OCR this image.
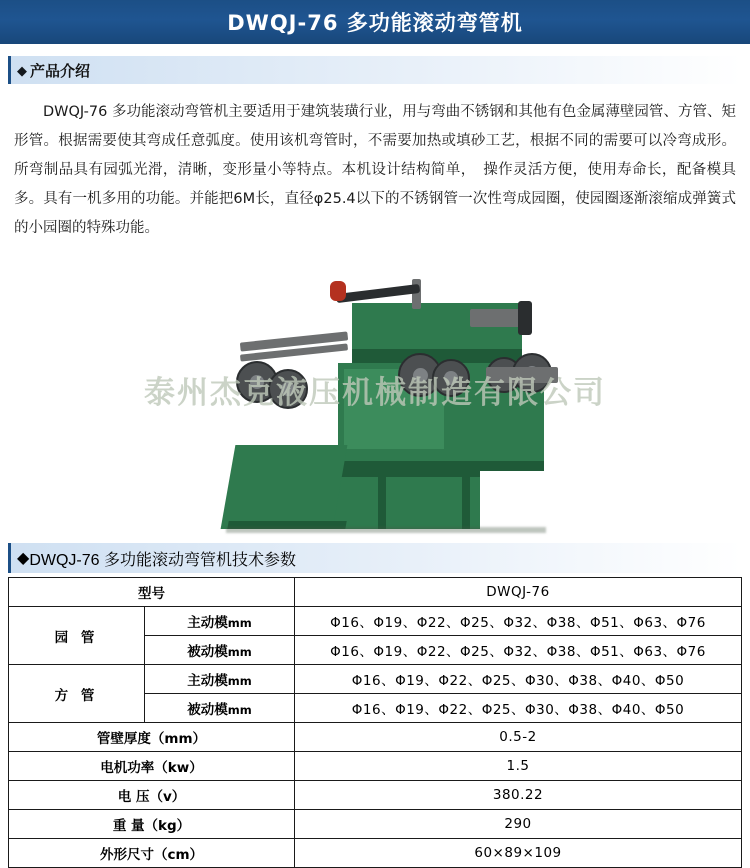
DWQJ-76 多功能滚动弯管机
◆ 产品介绍
DWQJ-76 多功能滚动弯管机主要适用于建筑装璜行业，用与弯曲不锈钢和其他有色金属薄壁园管、方管、矩形管。根据需要使其弯成任意弧度。使用该机弯管时，不需要加热或填砂工艺，根据不同的需要可以冷弯成形。所弯制品具有园弧光滑，清晰，变形量小等特点。本机设计结构简单，　操作灵活方便，使用寿命长，配备模具多。具有一机多用的功能。并能把6M长，直径φ25.4以下的不锈钢管一次性弯成园圈，使园圈逐渐滚缩成弹簧式的小园圈的特殊功能。
泰州杰克液压机械制造有限公司
◆ DWQJ-76 多功能滚动弯管机技术参数
型号		DWQJ-76
园 管	主动模mm	Φ16、Φ19、Φ22、Φ25、Φ32、Φ38、Φ51、Φ63、Φ76
	被动模mm	Φ16、Φ19、Φ22、Φ25、Φ32、Φ38、Φ51、Φ63、Φ76
方 管	主动模mm	Φ16、Φ19、Φ22、Φ25、Φ30、Φ38、Φ40、Φ50
	被动模mm	Φ16、Φ19、Φ22、Φ25、Φ30、Φ38、Φ40、Φ50
管壁厚度（mm）		0.5-2
电机功率（kw）		1.5
电 压（v）		380.22
重 量（kg）		290
外形尺寸（cm）		60×89×109
